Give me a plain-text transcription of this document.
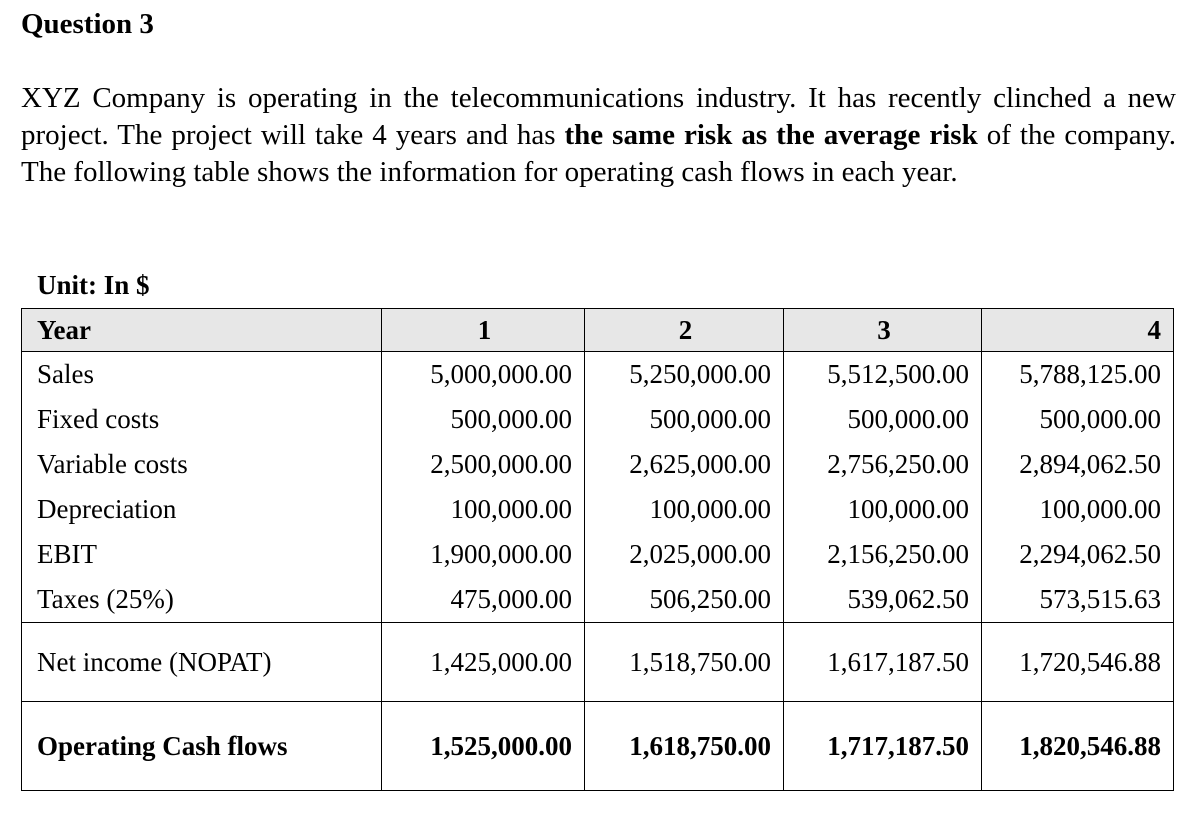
Question 3

XYZ Company is operating in the telecommunications industry. It has recently clinched a new project. The project will take 4 years and has the same risk as the average risk of the company. The following table shows the information for operating cash flows in each year.

Unit: In $
Year	1	2	3	4
Sales	5,000,000.00	5,250,000.00	5,512,500.00	5,788,125.00
Fixed costs	500,000.00	500,000.00	500,000.00	500,000.00
Variable costs	2,500,000.00	2,625,000.00	2,756,250.00	2,894,062.50
Depreciation	100,000.00	100,000.00	100,000.00	100,000.00
EBIT	1,900,000.00	2,025,000.00	2,156,250.00	2,294,062.50
Taxes (25%)	475,000.00	506,250.00	539,062.50	573,515.63
Net income (NOPAT)	1,425,000.00	1,518,750.00	1,617,187.50	1,720,546.88
Operating Cash flows	1,525,000.00	1,618,750.00	1,717,187.50	1,820,546.88
